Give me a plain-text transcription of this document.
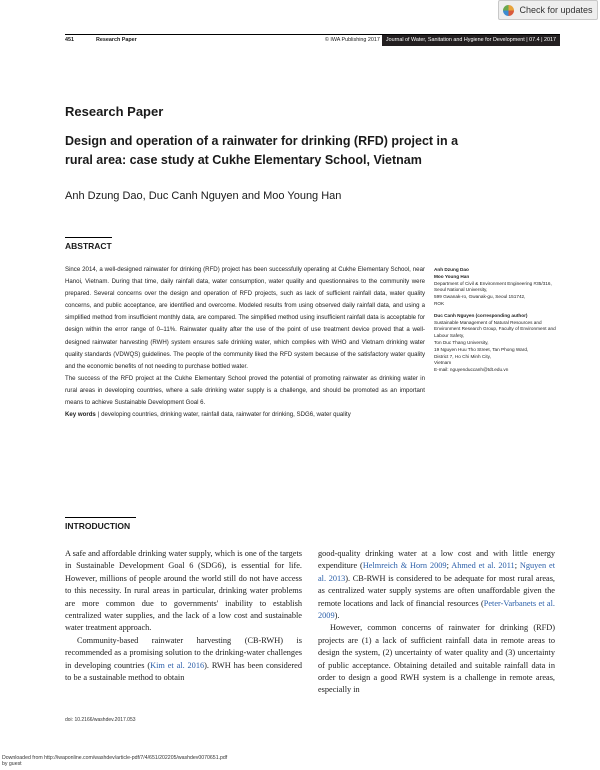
Check for updates
451	Research Paper	© IWA Publishing 2017	Journal of Water, Sanitation and Hygiene for Development | 07.4 | 2017
Research Paper
Design and operation of a rainwater for drinking (RFD) project in a rural area: case study at Cukhe Elementary School, Vietnam
Anh Dzung Dao, Duc Canh Nguyen and Moo Young Han
ABSTRACT

Since 2014, a well-designed rainwater for drinking (RFD) project has been successfully operating at Cukhe Elementary School, near Hanoi, Vietnam. During that time, daily rainfall data, water consumption, water quality and questionnaires to the community were prepared. Several concerns over the design and operation of RFD projects, such as lack of sufficient rainfall data, water quality concerns, and public acceptance, are identified and overcome. Modeled results from using observed daily rainfall data, and using a simplified method from insufficient monthly data, are compared. The simplified method using insufficient rainfall data is acceptable for design within the error range of 0–11%. Rainwater quality after the use of the point of use treatment device proved that a well-designed rainwater harvesting (RWH) system ensures safe drinking water, which complies with WHO and Vietnam drinking water quality standards (VDWQS) guidelines. The people of the community liked the RFD system because of the satisfactory water quality and the economic benefits of not needing to purchase bottled water.

The success of the RFD project at the Cukhe Elementary School proved the potential of promoting rainwater as drinking water in rural areas in developing countries, where a safe drinking water supply is a challenge, and should be promoted as an important means to achieve Sustainable Development Goal 6.

Key words | developing countries, drinking water, rainfall data, rainwater for drinking, SDG6, water quality
Anh Dzung Dao
Moo Young Han
Department of Civil & Environment Engineering #35/316,
Seoul National University,
599 Gwanak-ro, Gwanak-gu, Seoul 151742,
ROK
Duc Canh Nguyen (corresponding author)
Sustainable Management of Natural Resources and Environment Research Group, Faculty of Environment and Labour Safety,
Ton Duc Thang University,
19 Nguyen Huu Tho Street, Tan Phong Ward,
District 7, Ho Chi Minh City,
Vietnam
E-mail: nguyenduccanh@tdt.edu.vn
INTRODUCTION

A safe and affordable drinking water supply, which is one of the targets in Sustainable Development Goal 6 (SDG6), is essential for life. However, millions of people around the world still do not have access to this necessity. In rural areas in particular, drinking water problems are more common due to governments' inability to establish centralized water supplies, and the lack of a low cost and sustainable water treatment approach.

Community-based rainwater harvesting (CB-RWH) is recommended as a promising solution to the drinking-water challenges in developing countries (Kim et al. 2016). RWH has been considered to be a sustainable method to obtain

good-quality drinking water at a low cost and with little energy expenditure (Helmreich & Horn 2009; Ahmed et al. 2011; Nguyen et al. 2013). CB-RWH is considered to be adequate for most rural areas, as centralized water supply systems are often unaffordable given the remote locations and lack of financial resources (Peter-Varbanets et al. 2009).

However, common concerns of rainwater for drinking (RFD) projects are (1) a lack of sufficient rainfall data in remote areas to design the system, (2) uncertainty of water quality and (3) uncertainty of public acceptance. Obtaining detailed and suitable rainfall data in order to design a good RWH system is a challenge in remote areas, especially in

doi: 10.2166/washdev.2017.053
Downloaded from http://iwaponline.com/washdev/article-pdf/7/4/651/202205/washdev0070651.pdf
by guest
